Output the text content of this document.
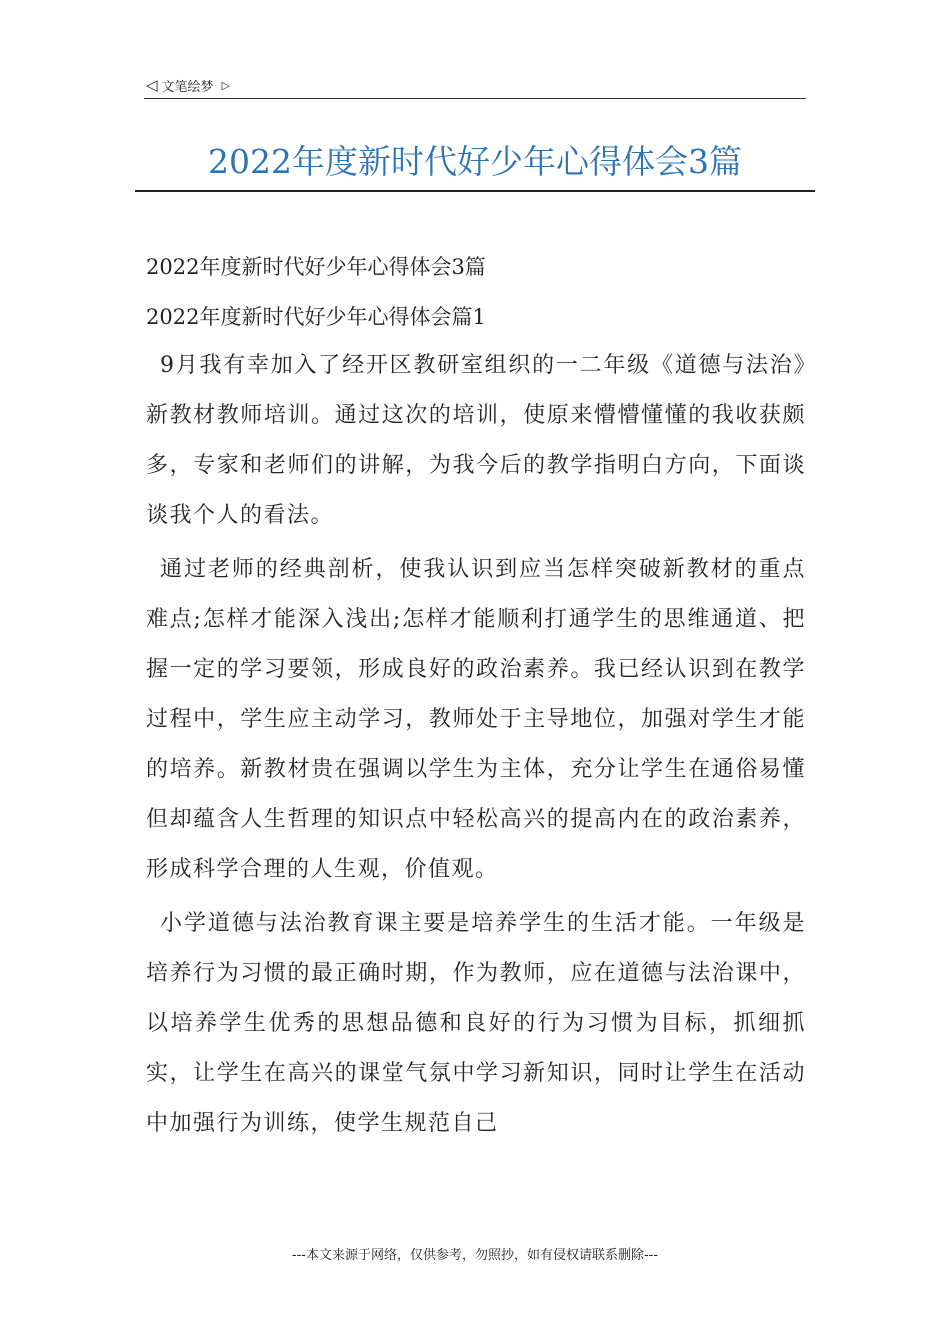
◁ 文笔绘梦 ▷
2022年度新时代好少年心得体会3篇
2022年度新时代好少年心得体会3篇
2022年度新时代好少年心得体会篇1

9月我有幸加入了经开区教研室组织的一二年级《道德与法治》新教材教师培训。通过这次的培训，使原来懵懵懂懂的我收获颇多，专家和老师们的讲解，为我今后的教学指明白方向，下面谈谈我个人的看法。

通过老师的经典剖析，使我认识到应当怎样突破新教材的重点难点;怎样才能深入浅出;怎样才能顺利打通学生的思维通道、把握一定的学习要领，形成良好的政治素养。我已经认识到在教学过程中，学生应主动学习，教师处于主导地位，加强对学生才能的培养。新教材贵在强调以学生为主体，充分让学生在通俗易懂但却蕴含人生哲理的知识点中轻松高兴的提高内在的政治素养，形成科学合理的人生观，价值观。

小学道德与法治教育课主要是培养学生的生活才能。一年级是培养行为习惯的最正确时期，作为教师，应在道德与法治课中，以培养学生优秀的思想品德和良好的行为习惯为目标，抓细抓实，让学生在高兴的课堂气氛中学习新知识，同时让学生在活动中加强行为训练，使学生规范自己

---本文来源于网络，仅供参考，勿照抄，如有侵权请联系删除---
